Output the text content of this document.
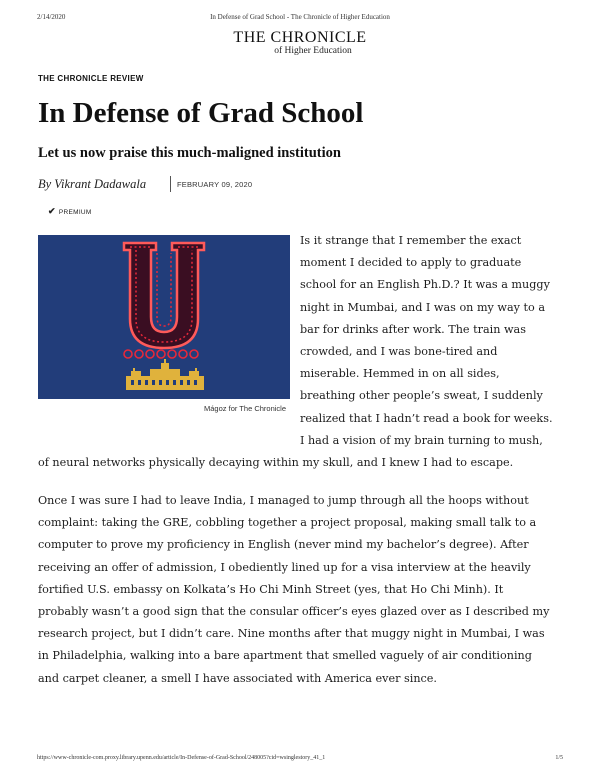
2/14/2020	In Defense of Grad School - The Chronicle of Higher Education
THE CHRONICLE
of Higher Education
THE CHRONICLE REVIEW
In Defense of Grad School
Let us now praise this much-maligned institution
By Vikrant Dadawala	FEBRUARY 09, 2020
✔ PREMIUM
Mágoz for The Chronicle
Is it strange that I remember the exact
moment I decided to apply to graduate
school for an English Ph.D.? It was a muggy
night in Mumbai, and I was on my way to a
bar for drinks after work. The train was
crowded, and I was bone-tired and
miserable. Hemmed in on all sides,
breathing other people’s sweat, I suddenly
realized that I hadn’t read a book for weeks.
I had a vision of my brain turning to mush,
of neural networks physically decaying within my skull, and I knew I had to escape.
Once I was sure I had to leave India, I managed to jump through all the hoops without
complaint: taking the GRE, cobbling together a project proposal, making small talk to a
computer to prove my proficiency in English (never mind my bachelor’s degree). After
receiving an offer of admission, I obediently lined up for a visa interview at the heavily
fortified U.S. embassy on Kolkata’s Ho Chi Minh Street (yes, that Ho Chi Minh). It
probably wasn’t a good sign that the consular officer’s eyes glazed over as I described my
research project, but I didn’t care. Nine months after that muggy night in Mumbai, I was
in Philadelphia, walking into a bare apartment that smelled vaguely of air conditioning
and carpet cleaner, a smell I have associated with America ever since.
https://www-chronicle-com.proxy.library.upenn.edu/article/In-Defense-of-Grad-School/248005?cid=wsinglestory_41_1	1/5
